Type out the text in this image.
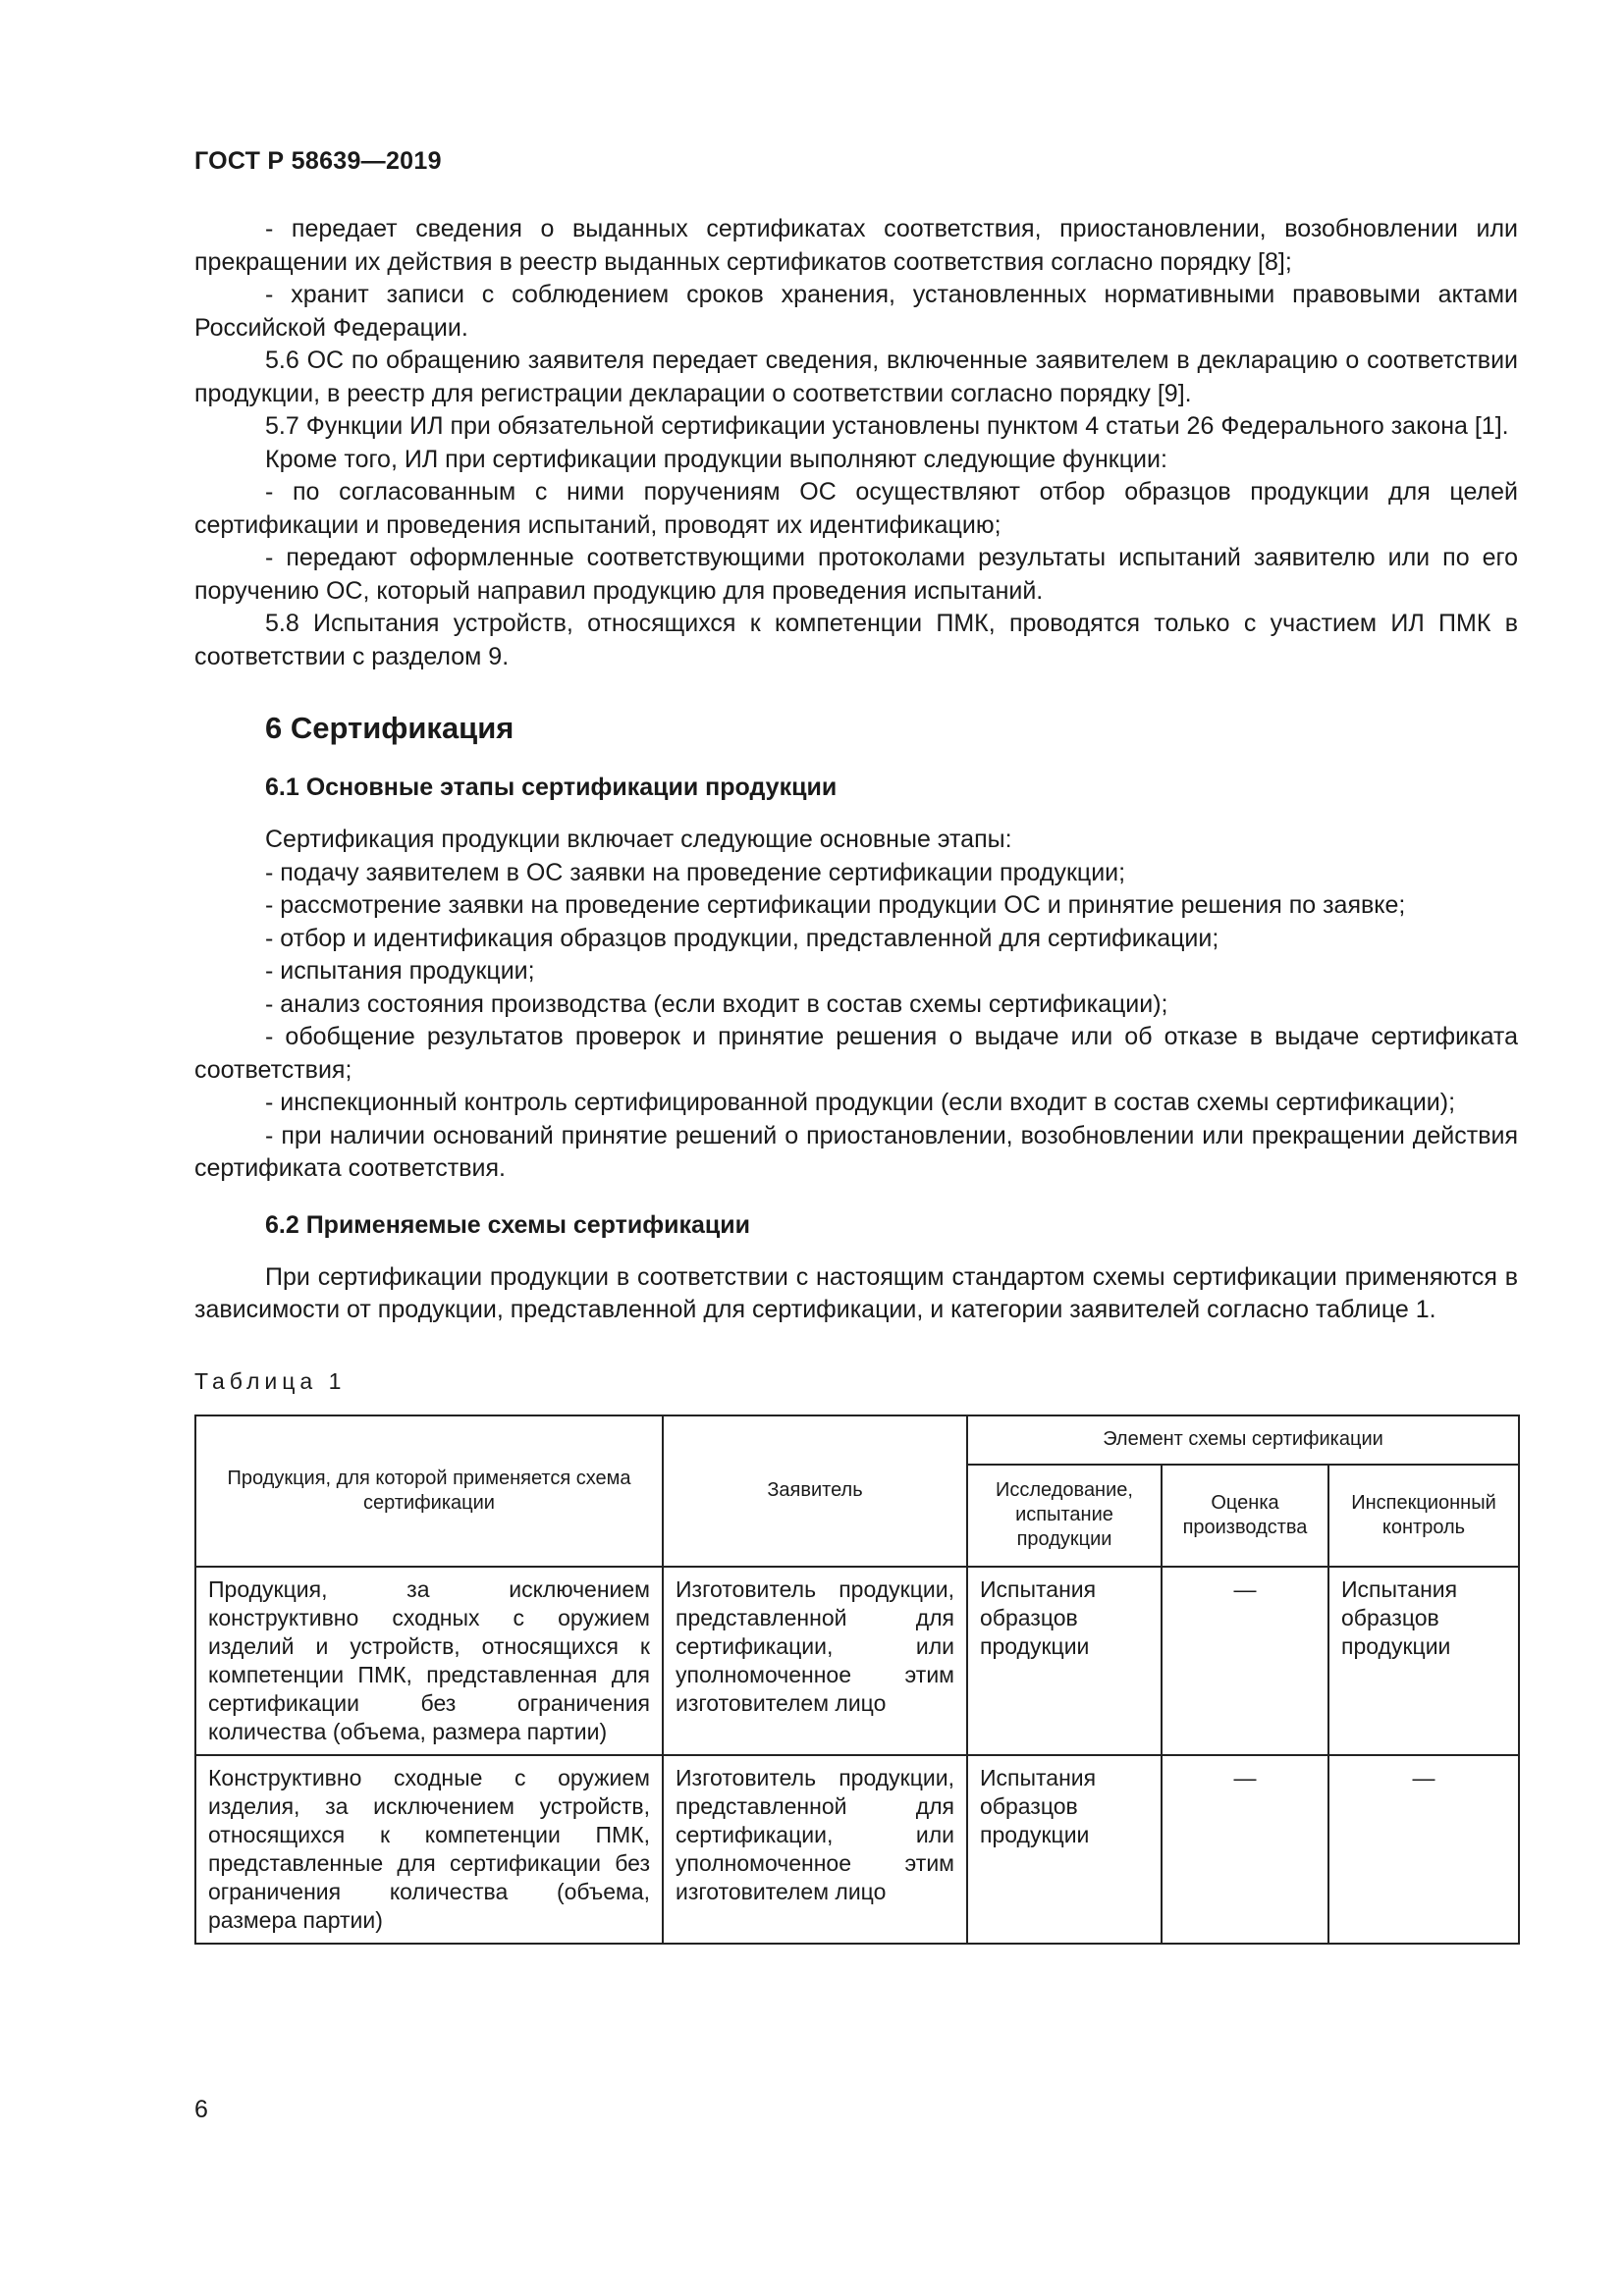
ГОСТ Р 58639—2019

- передает сведения о выданных сертификатах соответствия, приостановлении, возобновлении или прекращении их действия в реестр выданных сертификатов соответствия согласно порядку [8];

- хранит записи с соблюдением сроков хранения, установленных нормативными правовыми актами Российской Федерации.

5.6 ОС по обращению заявителя передает сведения, включенные заявителем в декларацию о соответствии продукции, в реестр для регистрации декларации о соответствии согласно порядку [9].

5.7 Функции ИЛ при обязательной сертификации установлены пунктом 4 статьи 26 Федерального закона [1].

Кроме того, ИЛ при сертификации продукции выполняют следующие функции:

- по согласованным с ними поручениям ОС осуществляют отбор образцов продукции для целей сертификации и проведения испытаний, проводят их идентификацию;

- передают оформленные соответствующими протоколами результаты испытаний заявителю или по его поручению ОС, который направил продукцию для проведения испытаний.

5.8 Испытания устройств, относящихся к компетенции ПМК, проводятся только с участием ИЛ ПМК в соответствии с разделом 9.

6 Сертификация
6.1 Основные этапы сертификации продукции

Сертификация продукции включает следующие основные этапы:

- подачу заявителем в ОС заявки на проведение сертификации продукции;

- рассмотрение заявки на проведение сертификации продукции ОС и принятие решения по заявке;

- отбор и идентификация образцов продукции, представленной для сертификации;

- испытания продукции;

- анализ состояния производства (если входит в состав схемы сертификации);

- обобщение результатов проверок и принятие решения о выдаче или об отказе в выдаче сертификата соответствия;

- инспекционный контроль сертифицированной продукции (если входит в состав схемы сертификации);

- при наличии оснований принятие решений о приостановлении, возобновлении или прекращении действия сертификата соответствия.

6.2 Применяемые схемы сертификации

При сертификации продукции в соответствии с настоящим стандартом схемы сертификации применяются в зависимости от продукции, представленной для сертификации, и категории заявителей согласно таблице 1.

Таблица 1
Продукция, для которой применяется схема сертификации	Заявитель	Элемент схемы сертификации		
		Исследование, испытание продукции	Оценка производства	Инспекционный контроль
Продукция, за исключением конструктивно сходных с оружием изделий и устройств, относящихся к компетенции ПМК, представленная для сертификации без ограничения количества (объема, размера партии)	Изготовитель продукции, представленной для сертификации, или уполномоченное этим изготовителем лицо	Испытания образцов продукции	—	Испытания образцов продукции
Конструктивно сходные с оружием изделия, за исключением устройств, относящихся к компетенции ПМК, представленные для сертификации без ограничения количества (объема, размера партии)	Изготовитель продукции, представленной для сертификации, или уполномоченное этим изготовителем лицо	Испытания образцов продукции	—	—
6
